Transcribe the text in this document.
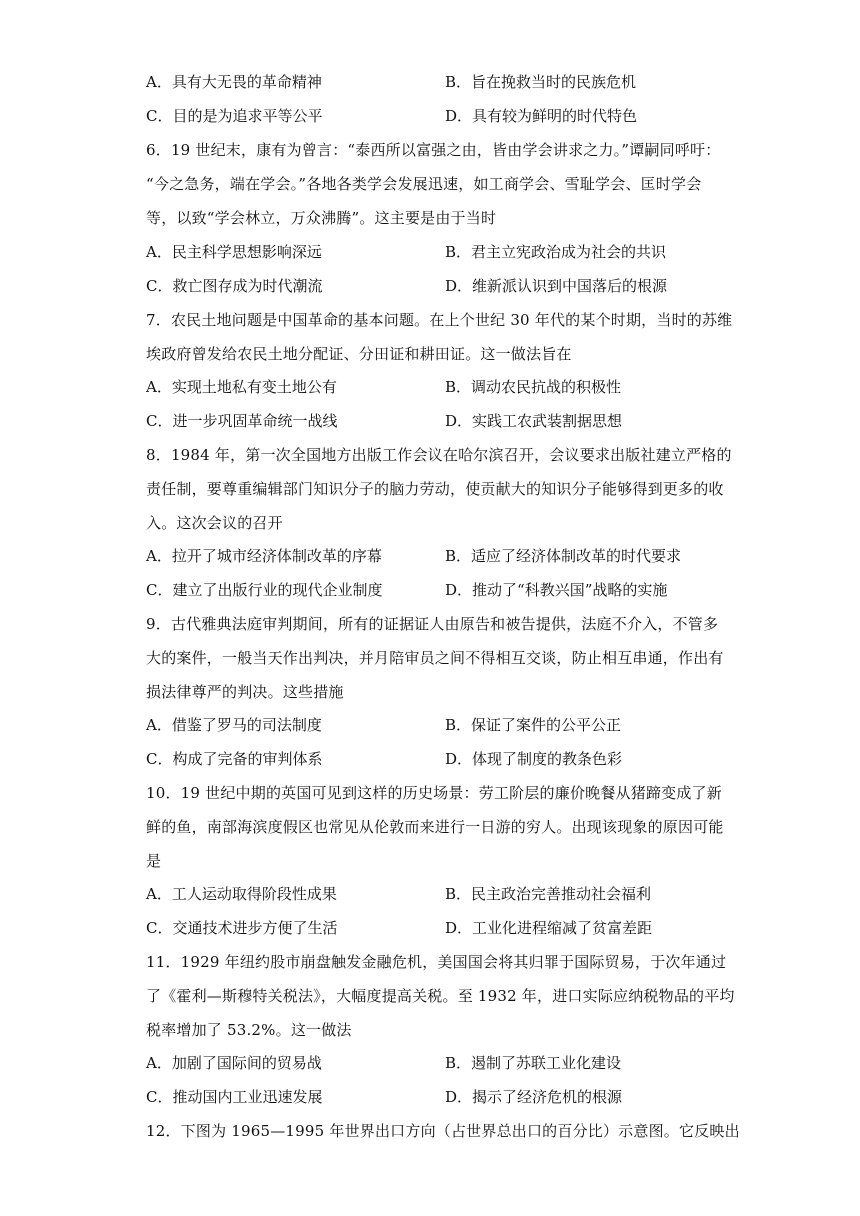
A．具有大无畏的革命精神	B．旨在挽救当时的民族危机
C．目的是为追求平等公平	D．具有较为鲜明的时代特色
6．19 世纪末，康有为曾言：“泰西所以富强之由，皆由学会讲求之力。”谭嗣同呼吁：
“今之急务，端在学会。”各地各类学会发展迅速，如工商学会、雪耻学会、匡时学会
等，以致“学会林立，万众沸腾”。这主要是由于当时
A．民主科学思想影响深远	B．君主立宪政治成为社会的共识
C．救亡图存成为时代潮流	D．维新派认识到中国落后的根源
7．农民土地问题是中国革命的基本问题。在上个世纪 30 年代的某个时期，当时的苏维
埃政府曾发给农民土地分配证、分田证和耕田证。这一做法旨在
A．实现土地私有变土地公有	B．调动农民抗战的积极性
C．进一步巩固革命统一战线	D．实践工农武装割据思想
8．1984 年，第一次全国地方出版工作会议在哈尔滨召开，会议要求出版社建立严格的
责任制，要尊重编辑部门知识分子的脑力劳动，使贡献大的知识分子能够得到更多的收
入。这次会议的召开
A．拉开了城市经济体制改革的序幕	B．适应了经济体制改革的时代要求
C．建立了出版行业的现代企业制度	D．推动了“科教兴国”战略的实施
9．古代雅典法庭审判期间，所有的证据证人由原告和被告提供，法庭不介入，不管多
大的案件，一般当天作出判决，并月陪审员之间不得相互交谈，防止相互串通，作出有
损法律尊严的判决。这些措施
A．借鉴了罗马的司法制度	B．保证了案件的公平公正
C．构成了完备的审判体系	D．体现了制度的教条色彩
10．19 世纪中期的英国可见到这样的历史场景：劳工阶层的廉价晚餐从猪蹄变成了新
鲜的鱼，南部海滨度假区也常见从伦敦而来进行一日游的穷人。出现该现象的原因可能
是
A．工人运动取得阶段性成果	B．民主政治完善推动社会福利
C．交通技术进步方便了生活	D．工业化进程缩减了贫富差距
11．1929 年纽约股市崩盘触发金融危机，美国国会将其归罪于国际贸易，于次年通过
了《霍利—斯穆特关税法》，大幅度提高关税。至 1932 年，进口实际应纳税物品的平均
税率增加了 53.2%。这一做法
A．加剧了国际间的贸易战	B．遏制了苏联工业化建设
C．推动国内工业迅速发展	D．揭示了经济危机的根源
12．下图为 1965—1995 年世界出口方向（占世界总出口的百分比）示意图。它反映出
